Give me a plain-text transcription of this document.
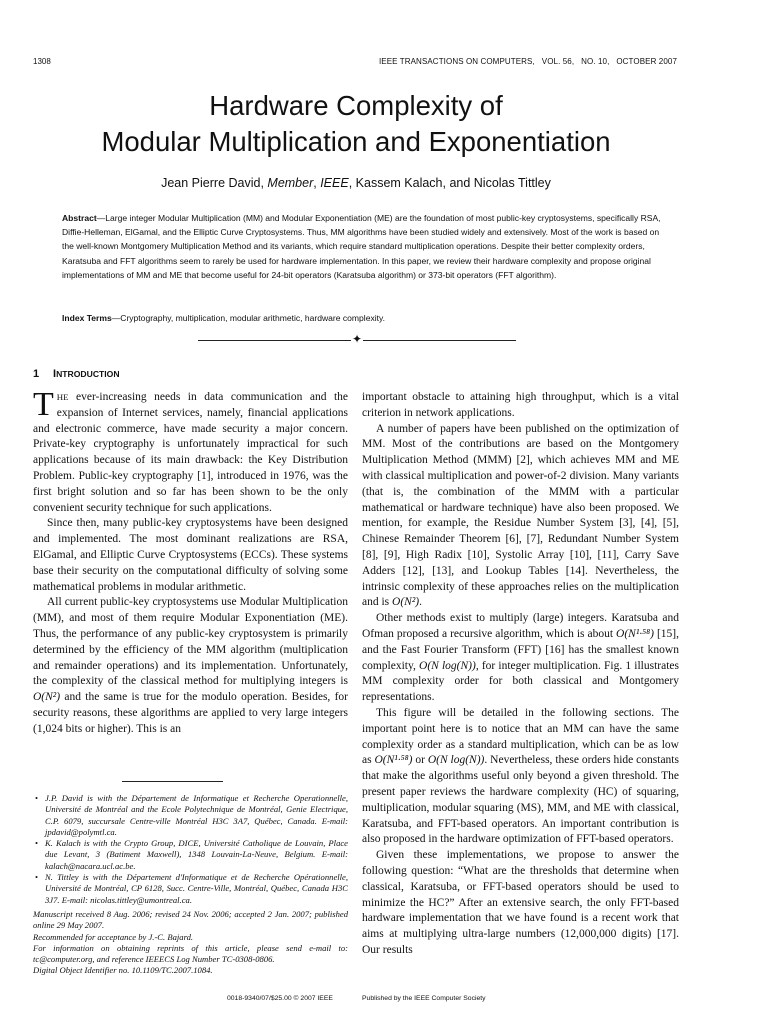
1308	IEEE TRANSACTIONS ON COMPUTERS,   VOL. 56,   NO. 10,   OCTOBER 2007
Hardware Complexity of
Modular Multiplication and Exponentiation
Jean Pierre David, Member, IEEE, Kassem Kalach, and Nicolas Tittley

Abstract—Large integer Modular Multiplication (MM) and Modular Exponentiation (ME) are the foundation of most public-key cryptosystems, specifically RSA, Diffie-Helleman, ElGamal, and the Elliptic Curve Cryptosystems. Thus, MM algorithms have been studied widely and extensively. Most of the work is based on the well-known Montgomery Multiplication Method and its variants, which require standard multiplication operations. Despite their better complexity orders, Karatsuba and FFT algorithms seem to rarely be used for hardware implementation. In this paper, we review their hardware complexity and propose original implementations of MM and ME that become useful for 24-bit operators (Karatsuba algorithm) or 373-bit operators (FFT algorithm).

Index Terms—Cryptography, multiplication, modular arithmetic, hardware complexity.

✦
1 INTRODUCTION

THE ever-increasing needs in data communication and the expansion of Internet services, namely, financial applications and electronic commerce, have made security a major concern. Private-key cryptography is unfortunately impractical for such applications because of its main drawback: the Key Distribution Problem. Public-key cryptography [1], introduced in 1976, was the first bright solution and so far has been shown to be the only convenient security technique for such applications.

Since then, many public-key cryptosystems have been designed and implemented. The most dominant realizations are RSA, ElGamal, and Elliptic Curve Cryptosystems (ECCs). These systems base their security on the computational difficulty of solving some mathematical problems in modular arithmetic.

All current public-key cryptosystems use Modular Multiplication (MM), and most of them require Modular Exponentiation (ME). Thus, the performance of any public-key cryptosystem is primarily determined by the efficiency of the MM algorithm (multiplication and remainder operations) and its implementation. Unfortunately, the complexity of the classical method for multiplying integers is O(N²) and the same is true for the modulo operation. Besides, for security reasons, these algorithms are applied to very large integers (1,024 bits or higher). This is an

• J.P. David is with the Département de Informatique et Recherche Operationnelle, Université de Montréal and the Ecole Polytechnique de Montréal, Genie Electrique, C.P. 6079, succursale Centre-ville Montréal H3C 3A7, Québec, Canada. E-mail: jpdavid@polymtl.ca.
• K. Kalach is with the Crypto Group, DICE, Université Catholique de Louvain, Place due Levant, 3 (Batiment Maxwell), 1348 Louvain-La-Neuve, Belgium. E-mail: kalach@nacara.ucl.ac.be.
• N. Tittley is with the Département d'Informatique et de Recherche Opérationnelle, Université de Montréal, CP 6128, Succ. Centre-Ville, Montréal, Québec, Canada H3C 3J7. E-mail: nicolas.tittley@umontreal.ca.

Manuscript received 8 Aug. 2006; revised 24 Nov. 2006; accepted 2 Jan. 2007; published online 29 May 2007.

Recommended for acceptance by J.-C. Bajard.

For information on obtaining reprints of this article, please send e-mail to: tc@computer.org, and reference IEEECS Log Number TC-0308-0806.

Digital Object Identifier no. 10.1109/TC.2007.1084.

important obstacle to attaining high throughput, which is a vital criterion in network applications.

A number of papers have been published on the optimization of MM. Most of the contributions are based on the Montgomery Multiplication Method (MMM) [2], which achieves MM and ME with classical multiplication and power-of-2 division. Many variants (that is, the combination of the MMM with a particular mathematical or hardware technique) have also been proposed. We mention, for example, the Residue Number System [3], [4], [5], Chinese Remainder Theorem [6], [7], Redundant Number System [8], [9], High Radix [10], Systolic Array [10], [11], Carry Save Adders [12], [13], and Lookup Tables [14]. Nevertheless, the intrinsic complexity of these approaches relies on the multiplication and is O(N²).

Other methods exist to multiply (large) integers. Karatsuba and Ofman proposed a recursive algorithm, which is about O(N¹·⁵⁸) [15], and the Fast Fourier Transform (FFT) [16] has the smallest known complexity, O(N log(N)), for integer multiplication. Fig. 1 illustrates MM complexity order for both classical and Montgomery representations.

This figure will be detailed in the following sections. The important point here is to notice that an MM can have the same complexity order as a standard multiplication, which can be as low as O(N¹·⁵⁸) or O(N log(N)). Nevertheless, these orders hide constants that make the algorithms useful only beyond a given threshold. The present paper reviews the hardware complexity (HC) of squaring, multiplication, modular squaring (MS), MM, and ME with classical, Karatsuba, and FFT-based operators. An important contribution is also proposed in the hardware optimization of FFT-based operators.

Given these implementations, we propose to answer the following question: “What are the thresholds that determine when classical, Karatsuba, or FFT-based operators should be used to minimize the HC?” After an extensive search, the only FFT-based hardware implementation that we have found is a recent work that aims at multiplying ultra-large numbers (12,000,000 digits) [17]. Our results

0018-9340/07/$25.00 © 2007 IEEE	Published by the IEEE Computer Society
